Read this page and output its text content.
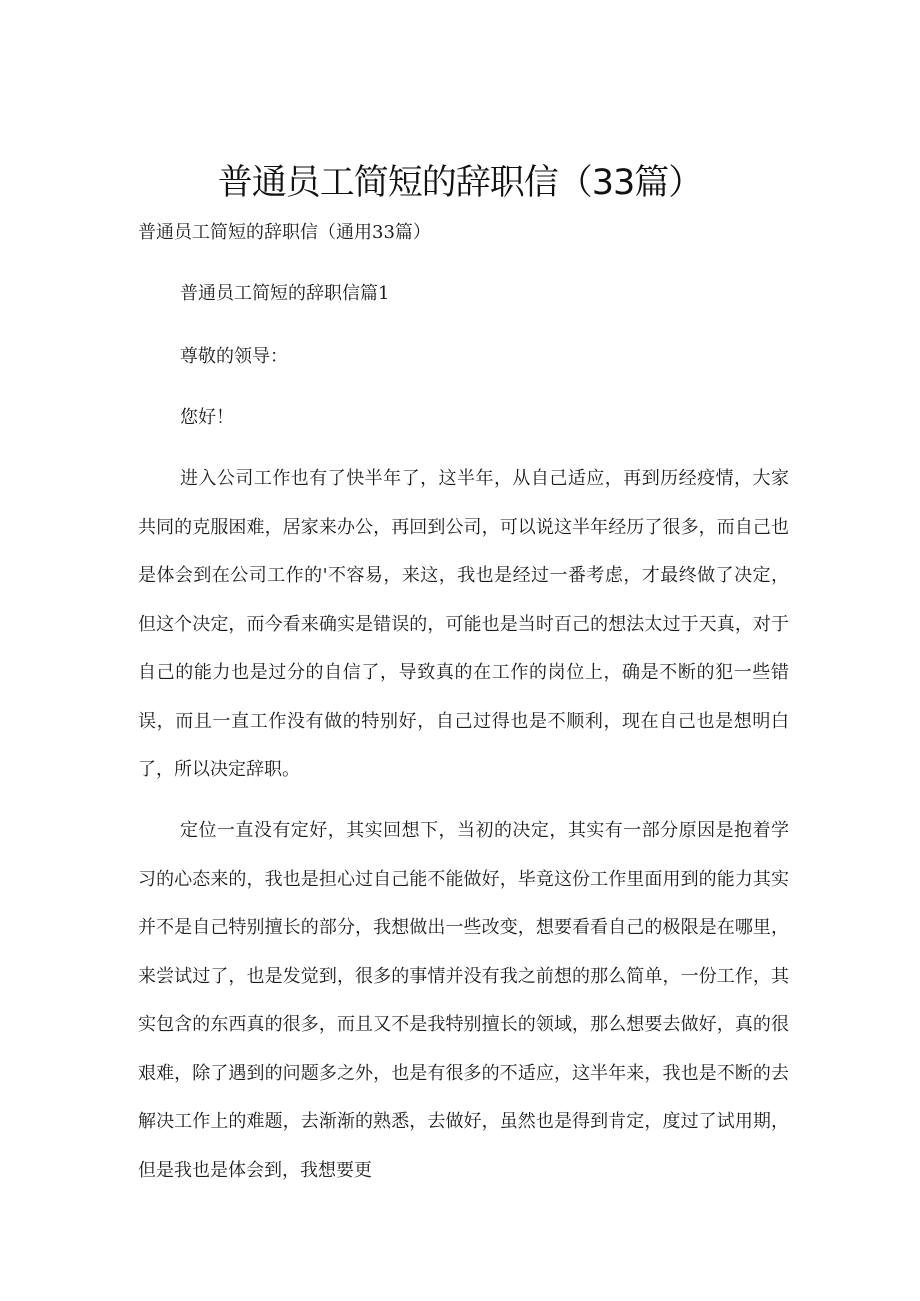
普通员工简短的辞职信（33篇）
普通员工简短的辞职信（通用33篇）
普通员工简短的辞职信篇1
尊敬的领导：
您好！

进入公司工作也有了快半年了，这半年，从自己适应，再到历经疫情，大家共同的克服困难，居家来办公，再回到公司，可以说这半年经历了很多，而自己也是体会到在公司工作的'不容易，来这，我也是经过一番考虑，才最终做了决定，但这个决定，而今看来确实是错误的，可能也是当时百己的想法太过于天真，对于自己的能力也是过分的自信了，导致真的在工作的岗位上，确是不断的犯一些错误，而且一直工作没有做的特别好，自己过得也是不顺利，现在自己也是想明白了，所以决定辞职。

定位一直没有定好，其实回想下，当初的决定，其实有一部分原因是抱着学习的心态来的，我也是担心过自己能不能做好，毕竟这份工作里面用到的能力其实并不是自己特别擅长的部分，我想做出一些改变，想要看看自己的极限是在哪里，来尝试过了，也是发觉到，很多的事情并没有我之前想的那么简单，一份工作，其实包含的东西真的很多，而且又不是我特别擅长的领域，那么想要去做好，真的很艰难，除了遇到的问题多之外，也是有很多的不适应，这半年来，我也是不断的去解决工作上的难题，去渐渐的熟悉，去做好，虽然也是得到肯定，度过了试用期，但是我也是体会到，我想要更
